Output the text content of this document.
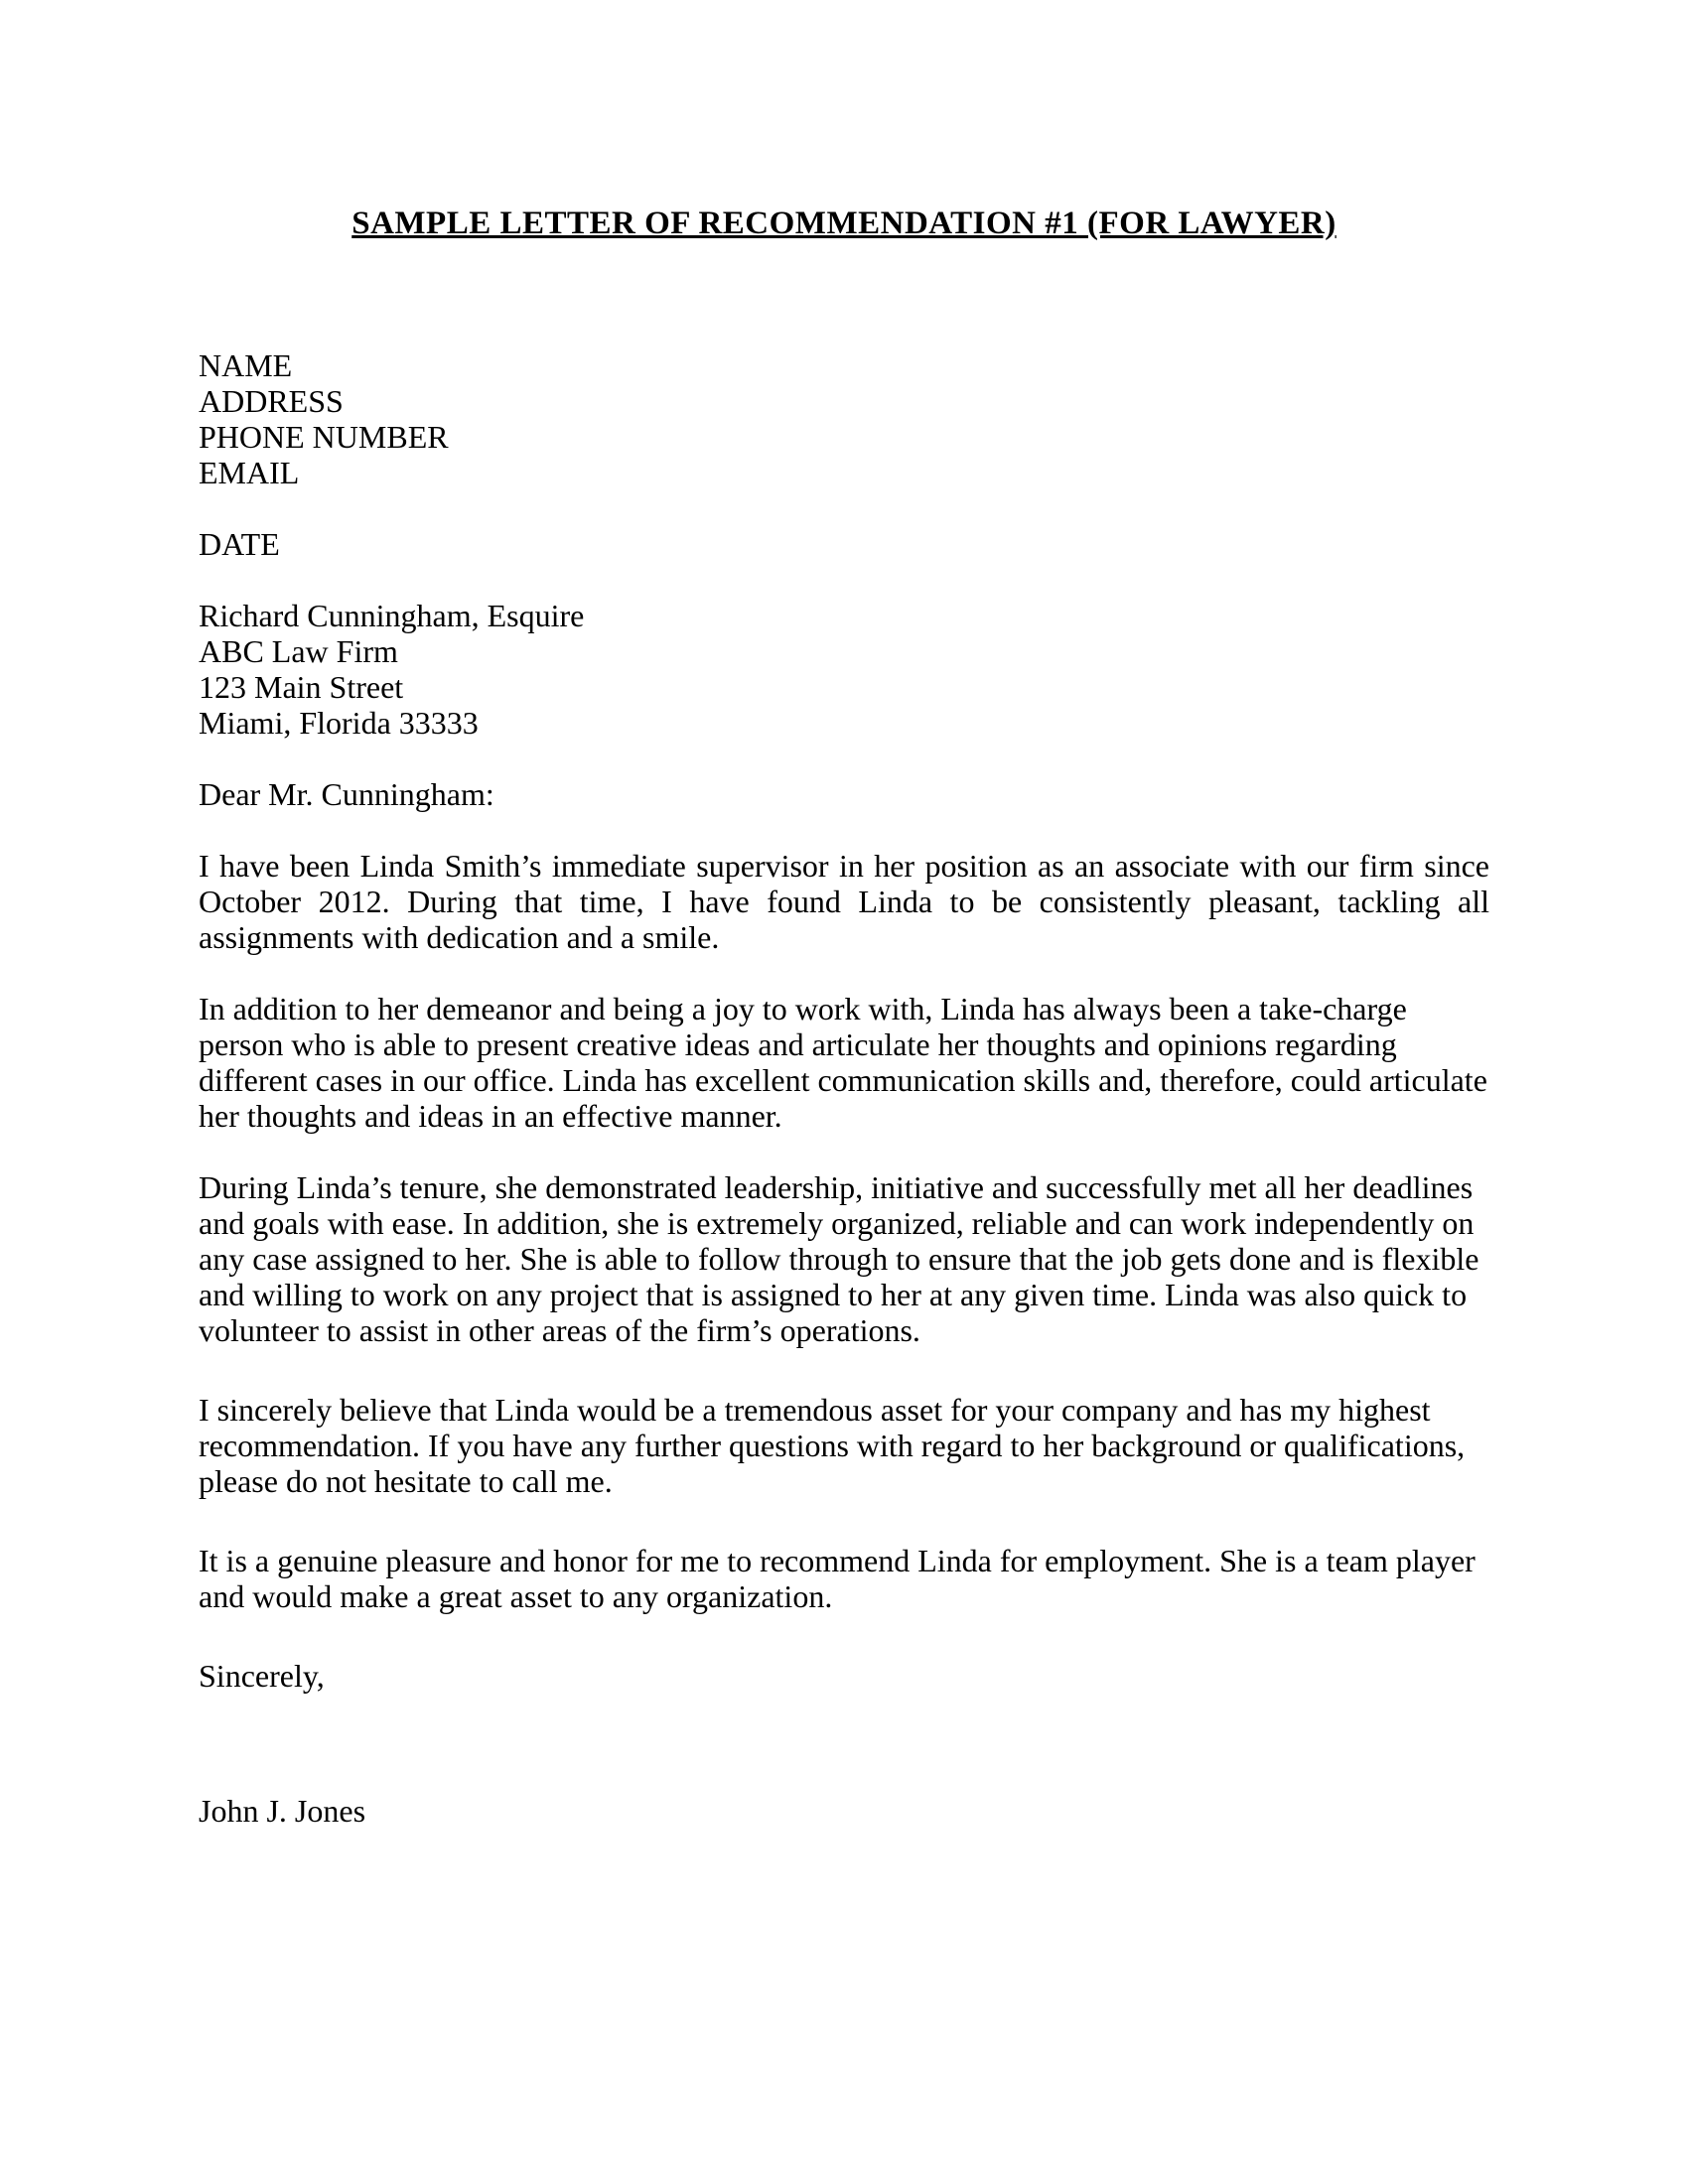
SAMPLE LETTER OF RECOMMENDATION #1 (FOR LAWYER)
NAME
ADDRESS
PHONE NUMBER
EMAIL
DATE
Richard Cunningham, Esquire
ABC Law Firm
123 Main Street
Miami, Florida 33333
Dear Mr. Cunningham:

I have been Linda Smith’s immediate supervisor in her position as an associate with our firm since October 2012. During that time, I have found Linda to be consistently pleasant, tackling all assignments with dedication and a smile.

In addition to her demeanor and being a joy to work with, Linda has always been a take-charge person who is able to present creative ideas and articulate her thoughts and opinions regarding different cases in our office. Linda has excellent communication skills and, therefore, could articulate her thoughts and ideas in an effective manner.

During Linda’s tenure, she demonstrated leadership, initiative and successfully met all her deadlines and goals with ease. In addition, she is extremely organized, reliable and can work independently on any case assigned to her. She is able to follow through to ensure that the job gets done and is flexible and willing to work on any project that is assigned to her at any given time. Linda was also quick to volunteer to assist in other areas of the firm’s operations.

I sincerely believe that Linda would be a tremendous asset for your company and has my highest recommendation. If you have any further questions with regard to her background or qualifications, please do not hesitate to call me.

It is a genuine pleasure and honor for me to recommend Linda for employment. She is a team player and would make a great asset to any organization.

Sincerely,
John J. Jones
